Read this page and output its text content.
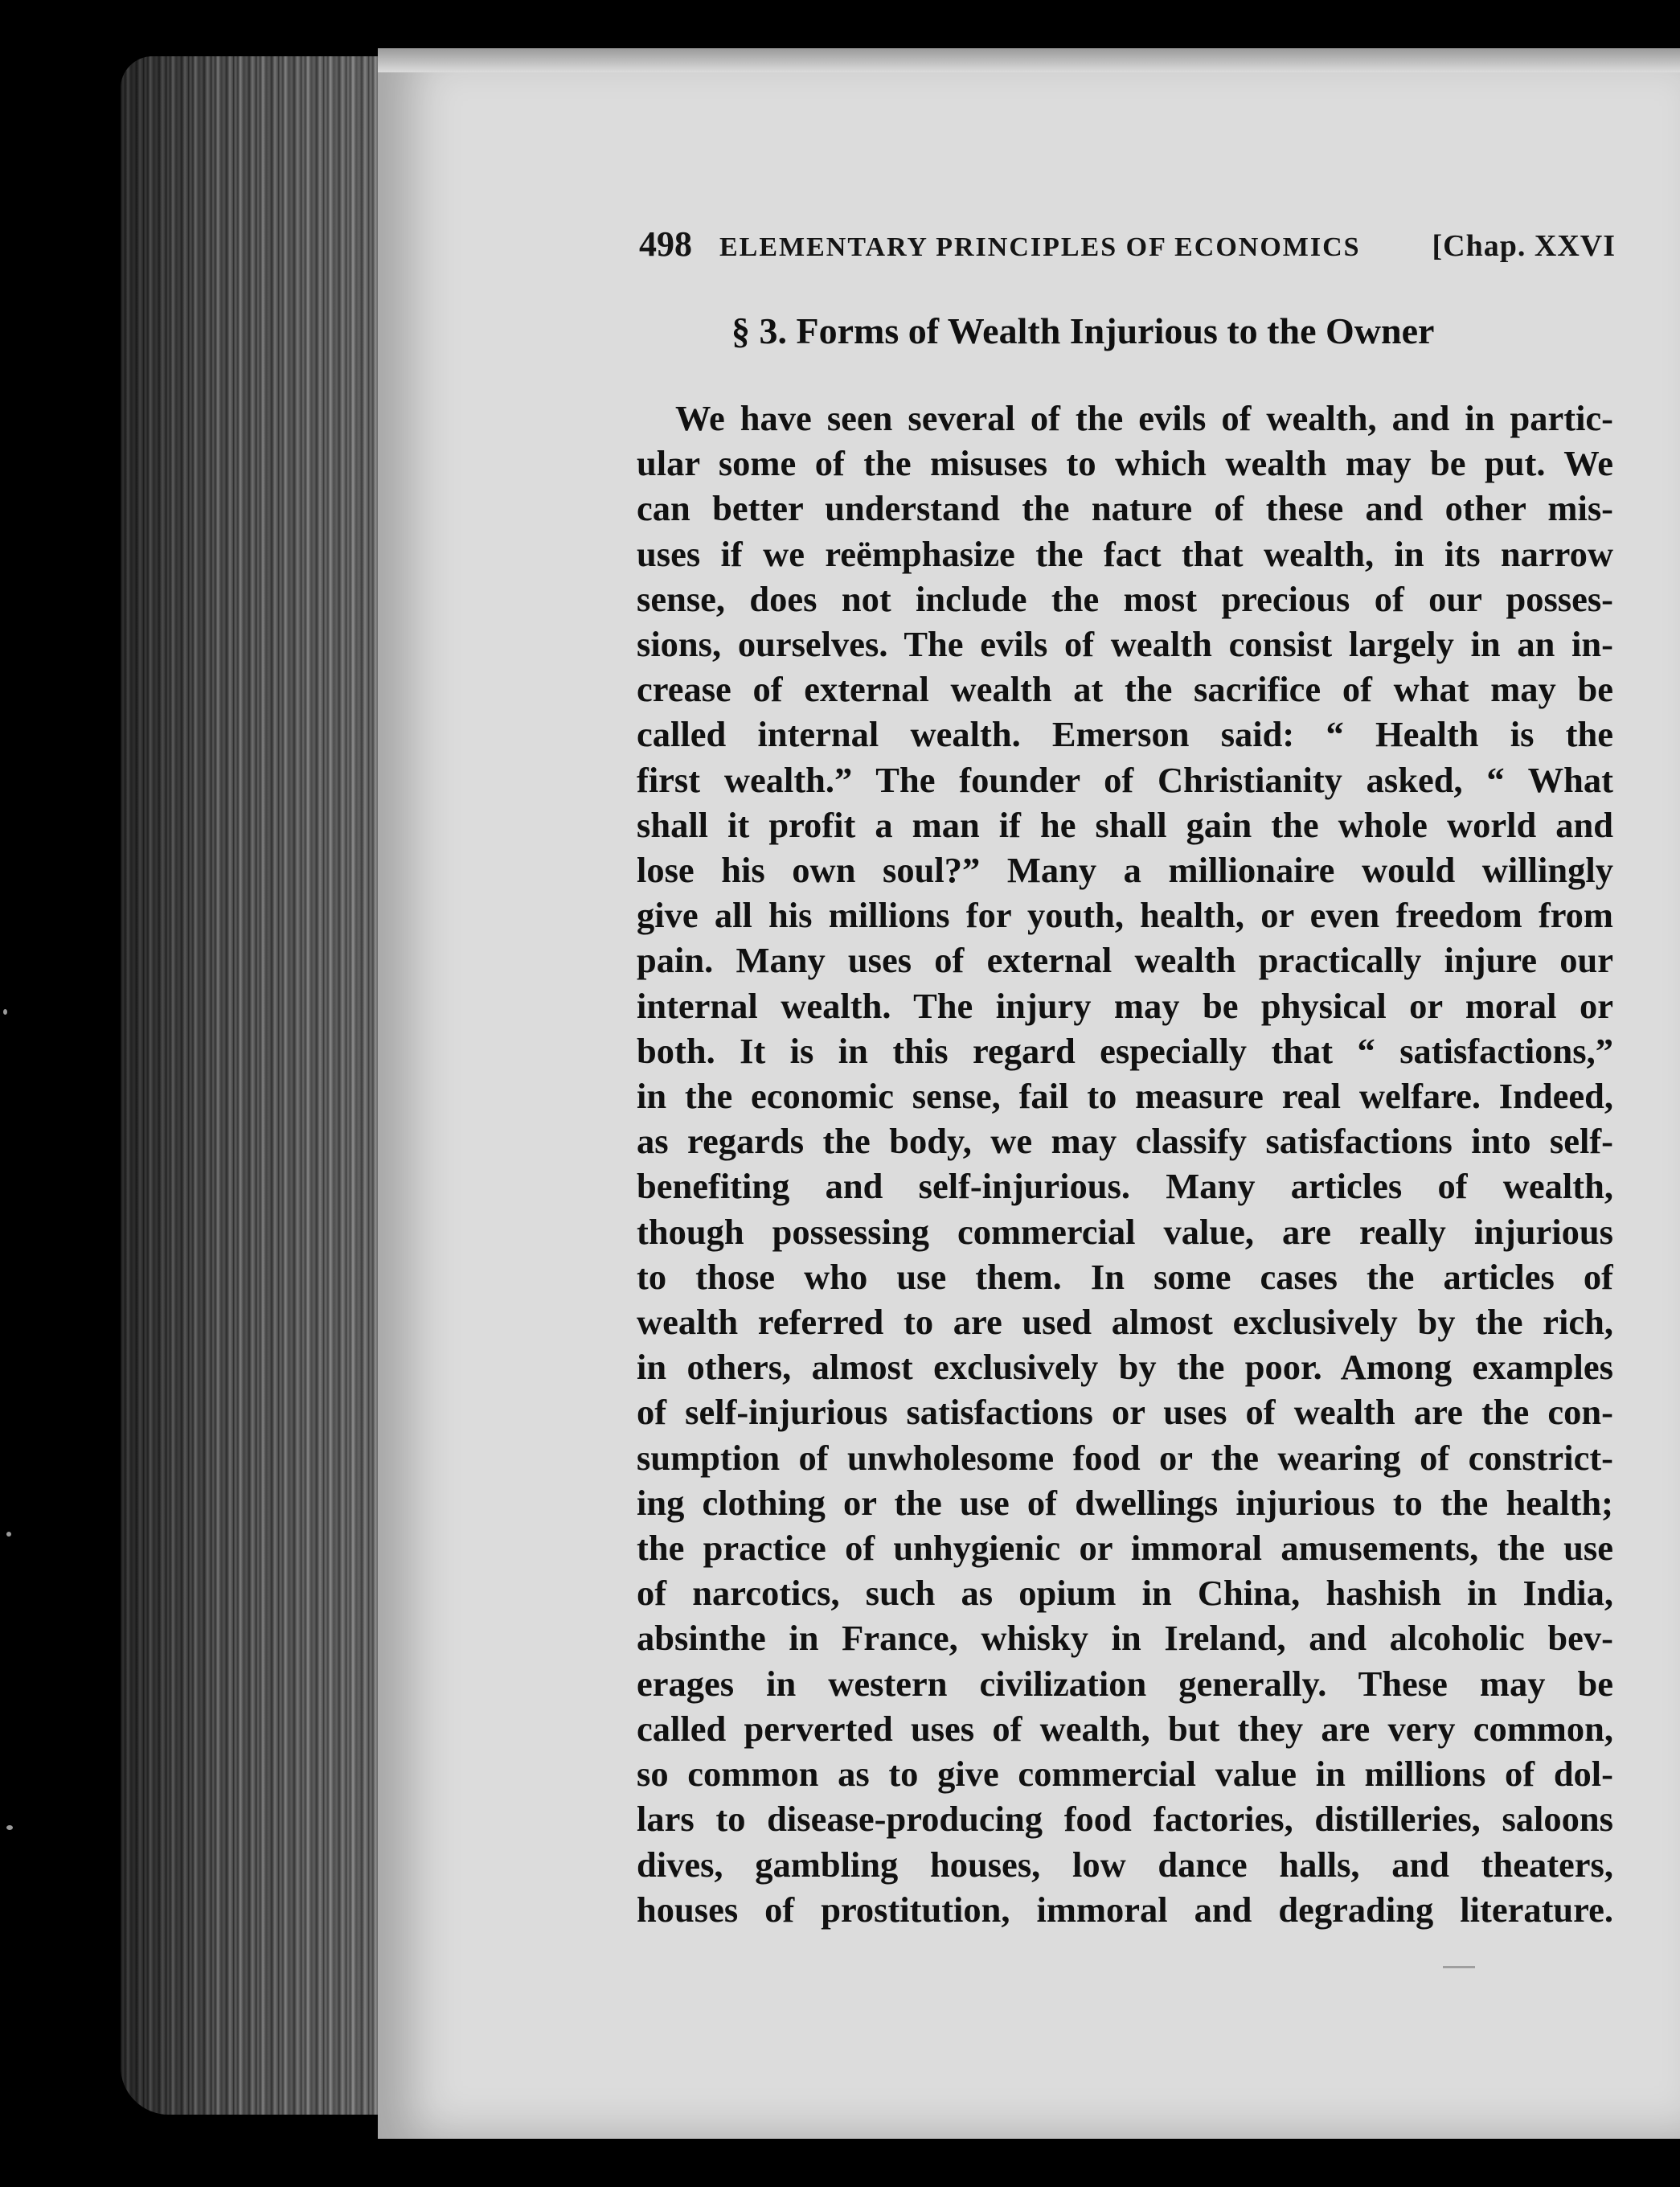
498 ELEMENTARY PRINCIPLES OF ECONOMICS [Chap. XXVI
§ 3. Forms of Wealth Injurious to the Owner
We have seen several of the evils of wealth, and in partic-
ular some of the misuses to which wealth may be put. We
can better understand the nature of these and other mis-
uses if we reëmphasize the fact that wealth, in its narrow
sense, does not include the most precious of our posses-
sions, ourselves. The evils of wealth consist largely in an in-
crease of external wealth at the sacrifice of what may be
called internal wealth. Emerson said: “ Health is the
first wealth.” The founder of Christianity asked, “ What
shall it profit a man if he shall gain the whole world and
lose his own soul?” Many a millionaire would willingly
give all his millions for youth, health, or even freedom from
pain. Many uses of external wealth practically injure our
internal wealth. The injury may be physical or moral or
both. It is in this regard especially that “ satisfactions,”
in the economic sense, fail to measure real welfare. Indeed,
as regards the body, we may classify satisfactions into self-
benefiting and self-injurious. Many articles of wealth,
though possessing commercial value, are really injurious
to those who use them. In some cases the articles of
wealth referred to are used almost exclusively by the rich,
in others, almost exclusively by the poor. Among examples
of self-injurious satisfactions or uses of wealth are the con-
sumption of unwholesome food or the wearing of constrict-
ing clothing or the use of dwellings injurious to the health;
the practice of unhygienic or immoral amusements, the use
of narcotics, such as opium in China, hashish in India,
absinthe in France, whisky in Ireland, and alcoholic bev-
erages in western civilization generally. These may be
called perverted uses of wealth, but they are very common,
so common as to give commercial value in millions of dol-
lars to disease-producing food factories, distilleries, saloons
dives, gambling houses, low dance halls, and theaters,
houses of prostitution, immoral and degrading literature.
